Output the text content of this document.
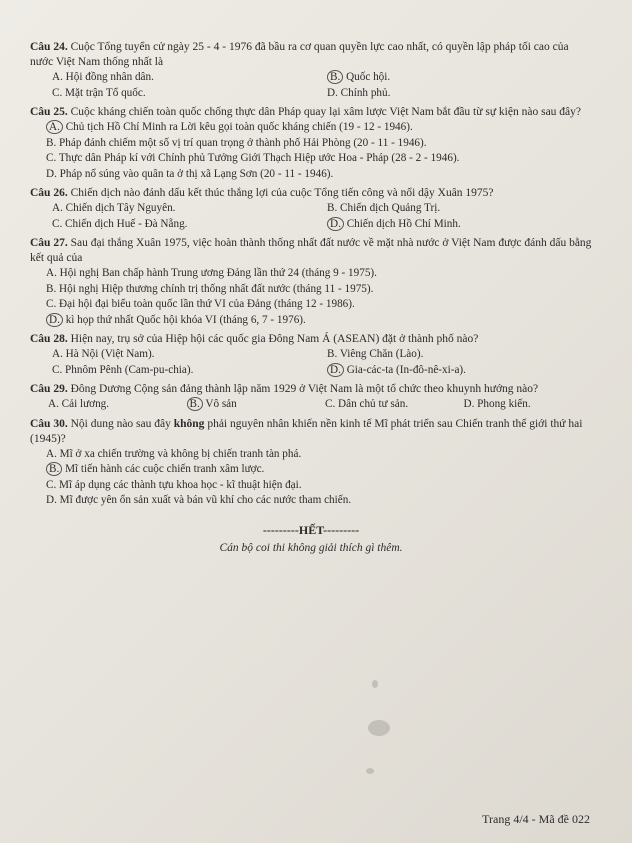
Câu 24. Cuộc Tổng tuyển cử ngày 25 - 4 - 1976 đã bầu ra cơ quan quyền lực cao nhất, có quyền lập pháp tối cao của nước Việt Nam thống nhất là
A. Hội đồng nhân dân.	B. Quốc hội.
C. Mặt trận Tổ quốc.	D. Chính phủ.
Câu 25. Cuộc kháng chiến toàn quốc chống thực dân Pháp quay lại xâm lược Việt Nam bắt đầu từ sự kiện nào sau đây?
A. Chủ tịch Hồ Chí Minh ra Lời kêu gọi toàn quốc kháng chiến (19 - 12 - 1946).
B. Pháp đánh chiếm một số vị trí quan trọng ở thành phố Hải Phòng (20 - 11 - 1946).
C. Thực dân Pháp kí với Chính phủ Tưởng Giới Thạch Hiệp ước Hoa - Pháp (28 - 2 - 1946).
D. Pháp nổ súng vào quân ta ở thị xã Lạng Sơn (20 - 11 - 1946).
Câu 26. Chiến dịch nào đánh dấu kết thúc thắng lợi của cuộc Tổng tiến công và nổi dậy Xuân 1975?
A. Chiến dịch Tây Nguyên.	B. Chiến dịch Quảng Trị.
C. Chiến dịch Huế - Đà Nẵng.	D. Chiến dịch Hồ Chí Minh.
Câu 27. Sau đại thắng Xuân 1975, việc hoàn thành thống nhất đất nước về mặt nhà nước ở Việt Nam được đánh dấu bằng kết quả của
A. Hội nghị Ban chấp hành Trung ương Đảng lần thứ 24 (tháng 9 - 1975).
B. Hội nghị Hiệp thương chính trị thống nhất đất nước (tháng 11 - 1975).
C. Đại hội đại biểu toàn quốc lần thứ VI của Đảng (tháng 12 - 1986).
D. kì họp thứ nhất Quốc hội khóa VI (tháng 6, 7 - 1976).
Câu 28. Hiện nay, trụ sở của Hiệp hội các quốc gia Đông Nam Á (ASEAN) đặt ở thành phố nào?
A. Hà Nội (Việt Nam).	B. Viêng Chăn (Lào).
C. Phnôm Pênh (Cam-pu-chia).	D. Gia-các-ta (In-đô-nê-xi-a).
Câu 29. Đông Dương Cộng sản đảng thành lập năm 1929 ở Việt Nam là một tổ chức theo khuynh hướng nào?
A. Cải lương.	B. Vô sản	C. Dân chủ tư sản.	D. Phong kiến.
Câu 30. Nội dung nào sau đây không phải nguyên nhân khiến nền kinh tế Mĩ phát triển sau Chiến tranh thế giới thứ hai (1945)?
A. Mĩ ở xa chiến trường và không bị chiến tranh tàn phá.
B. Mĩ tiến hành các cuộc chiến tranh xâm lược.
C. Mĩ áp dụng các thành tựu khoa học - kĩ thuật hiện đại.
D. Mĩ được yên ổn sản xuất và bán vũ khí cho các nước tham chiến.
---------HẾT---------
Cán bộ coi thi không giải thích gì thêm.
Trang 4/4 - Mã đề 022
